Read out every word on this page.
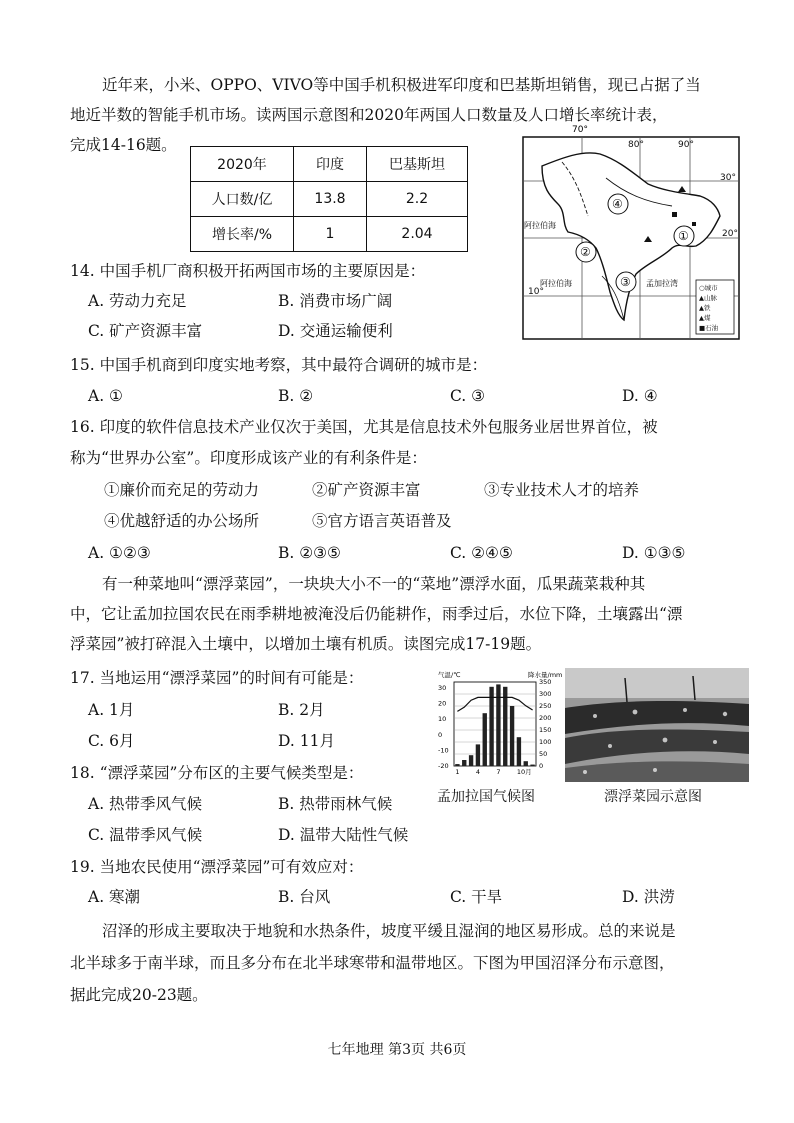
近年来，小米、OPPO、VIVO等中国手机积极进军印度和巴基斯坦销售，现已占据了当
地近半数的智能手机市场。读两国示意图和2020年两国人口数量及人口增长率统计表，
完成14-16题。
2020年	印度	巴基斯坦
人口数/亿	13.8	2.2
增长率/%	1	2.04
70°
80°	90°
30°
20°
10°
阿拉伯海
孟加拉湾
阿拉伯海
①
②
③
④
○城市
▲山脉
▲铁
▲煤
■石油
14. 中国手机厂商积极开拓两国市场的主要原因是：
A. 劳动力充足	B. 消费市场广阔
C. 矿产资源丰富	D. 交通运输便利
15. 中国手机商到印度实地考察，其中最符合调研的城市是：
A. ①	B. ②	C. ③	D. ④
16. 印度的软件信息技术产业仅次于美国，尤其是信息技术外包服务业居世界首位，被
称为“世界办公室”。印度形成该产业的有利条件是：
①廉价而充足的劳动力	②矿产资源丰富	③专业技术人才的培养
④优越舒适的办公场所	⑤官方语言英语普及
A. ①②③	B. ②③⑤	C. ②④⑤	D. ①③⑤
有一种菜地叫“漂浮菜园”，一块块大小不一的“菜地”漂浮水面，瓜果蔬菜栽种其
中，它让孟加拉国农民在雨季耕地被淹没后仍能耕作，雨季过后，水位下降，土壤露出“漂
浮菜园”被打碎混入土壤中，以增加土壤有机质。读图完成17-19题。
17. 当地运用“漂浮菜园”的时间有可能是：
A. 1月	B. 2月
C. 6月	D. 11月
18. “漂浮菜园”分布区的主要气候类型是：
A. 热带季风气候	B. 热带雨林气候
C. 温带季风气候	D. 温带大陆性气候
19. 当地农民使用“漂浮菜园”可有效应对：
A. 寒潮	B. 台风	C. 干旱	D. 洪涝
气温/℃	降水量/mm
30
20
10
0
-10
-20
350
300
250
200
150
100
50
0
1	4	7	10月
孟加拉国气候图	漂浮菜园示意图
沼泽的形成主要取决于地貌和水热条件，坡度平缓且湿润的地区易形成。总的来说是
北半球多于南半球，而且多分布在北半球寒带和温带地区。下图为甲国沼泽分布示意图，
据此完成20-23题。
七年地理 第3页 共6页
